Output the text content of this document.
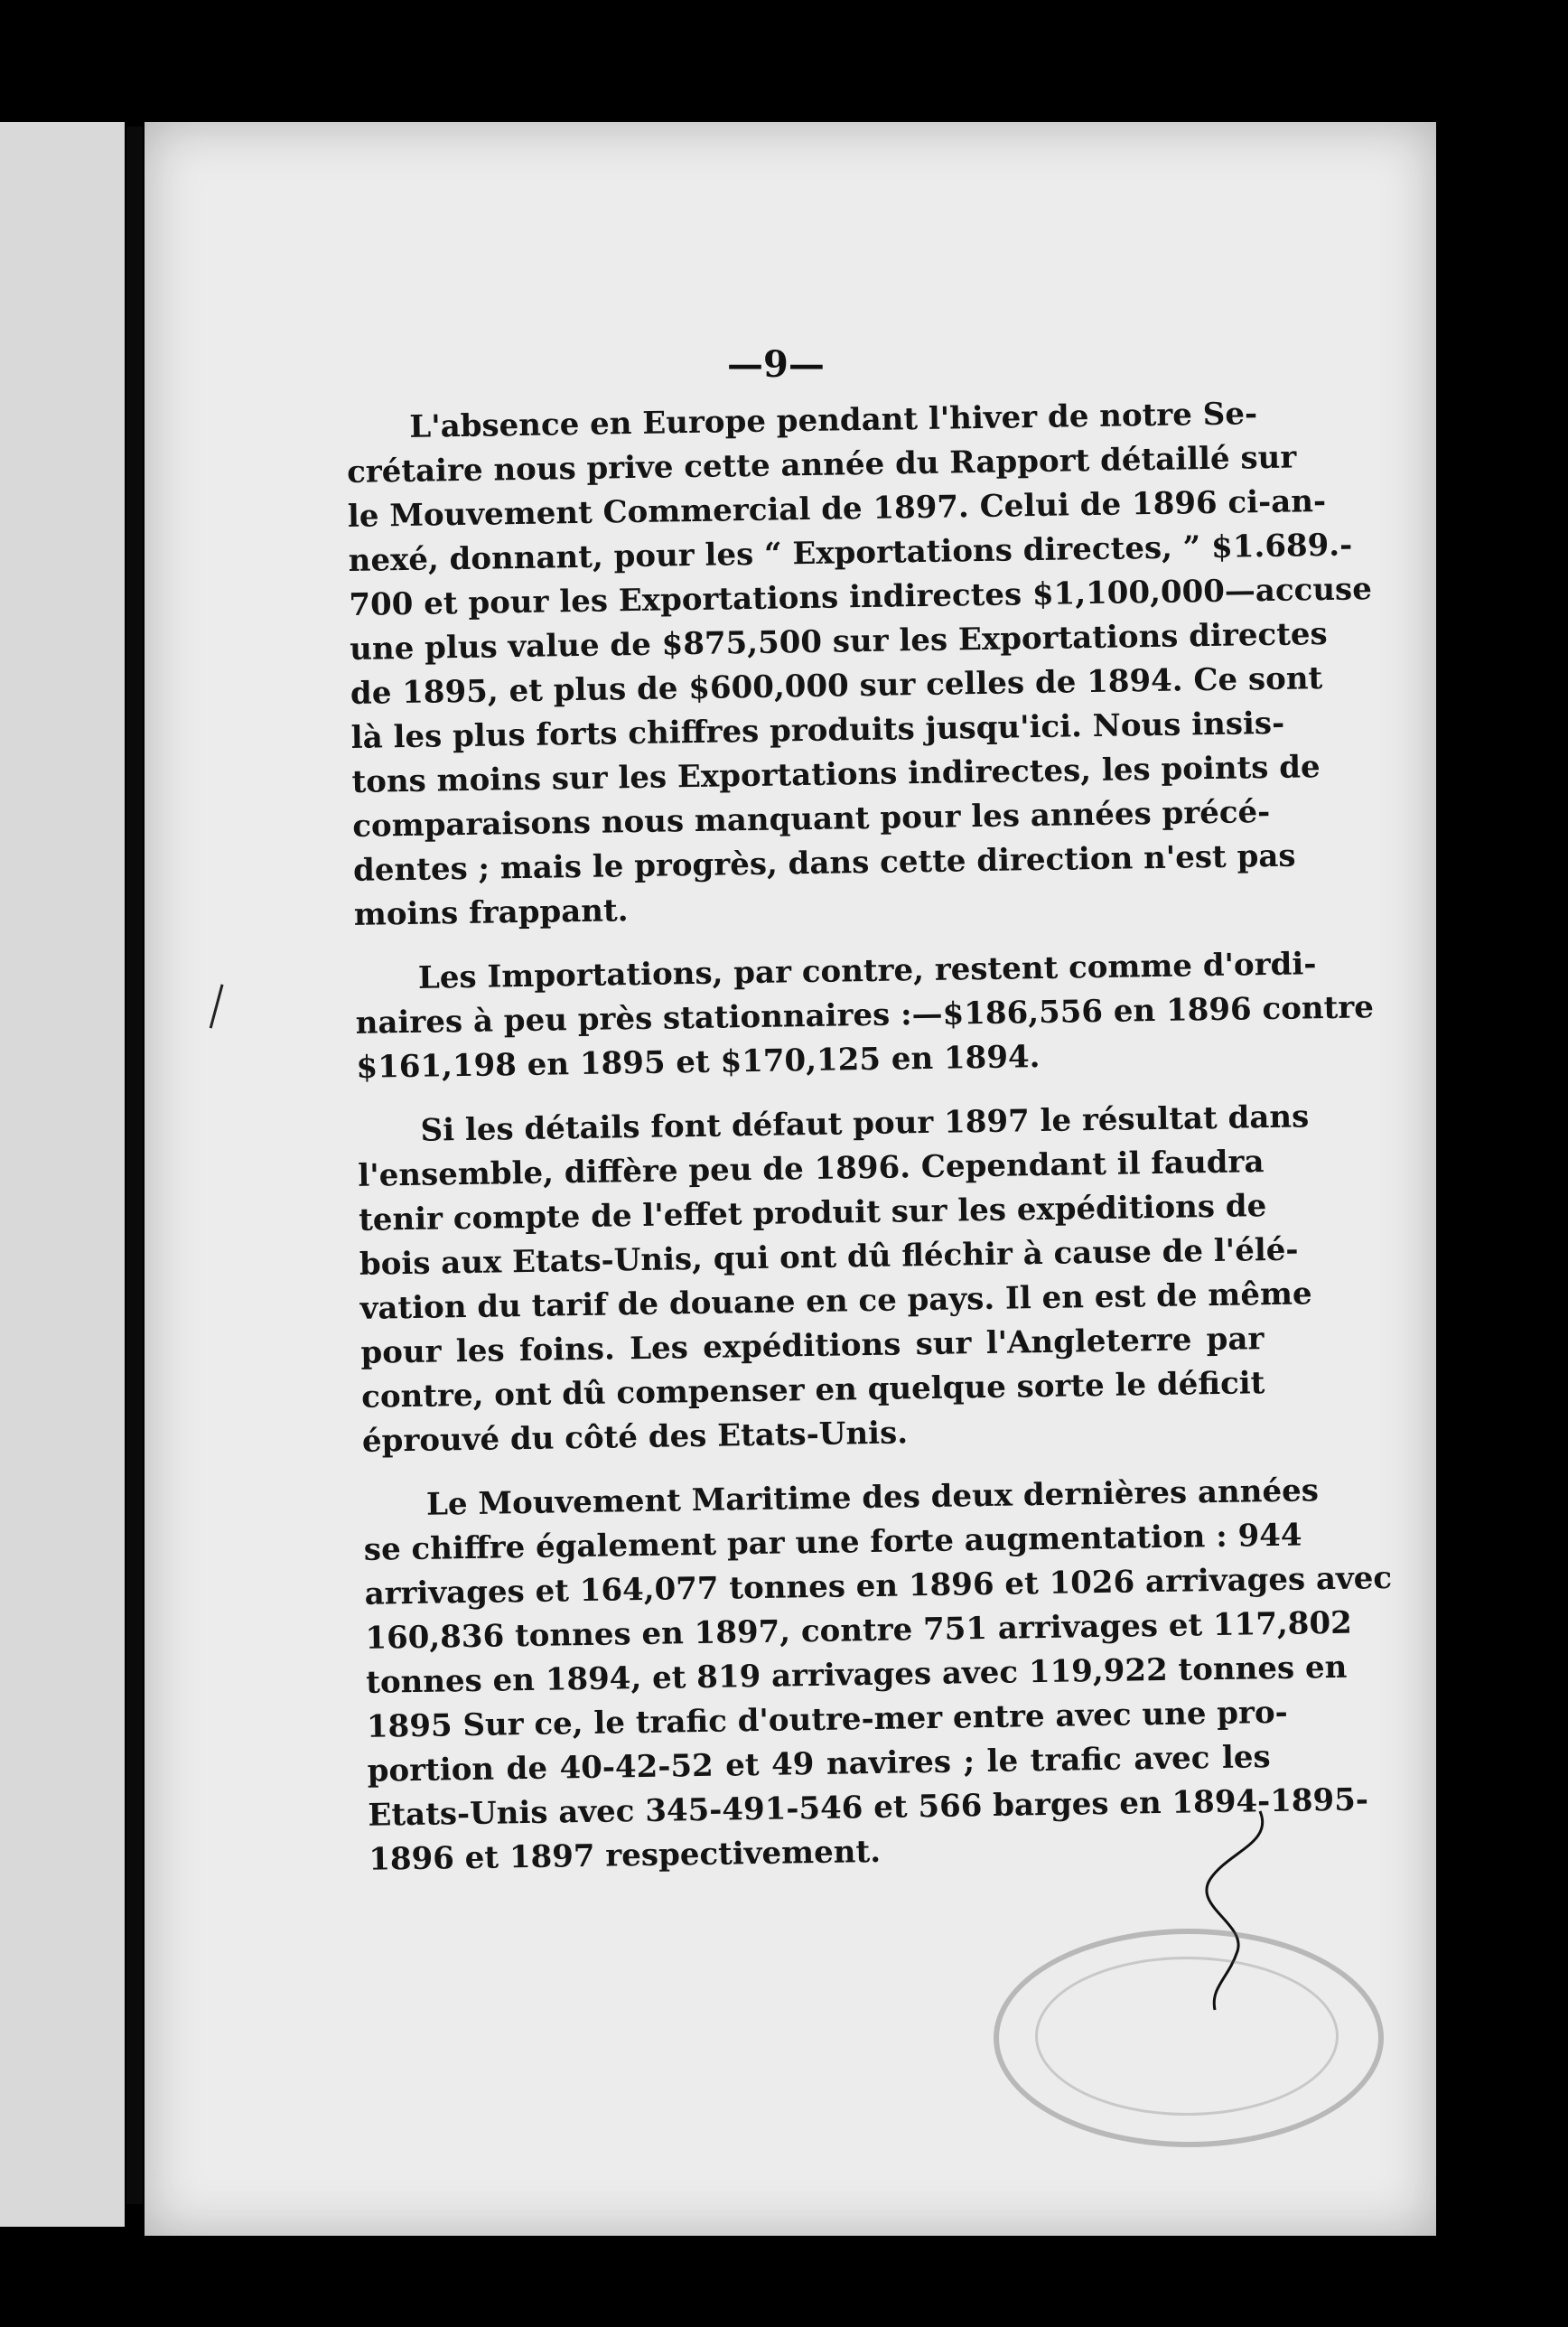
—9—
L'absence en Europe pendant l'hiver de notre Se-
crétaire nous prive cette année du Rapport détaillé sur
le Mouvement Commercial de 1897. Celui de 1896 ci-an-
nexé, donnant, pour les “ Exportations directes, ” $1.689.-
700 et pour les Exportations indirectes $1,100,000—accuse
une plus value de $875,500 sur les Exportations directes
de 1895, et plus de $600,000 sur celles de 1894. Ce sont
là les plus forts chiffres produits jusqu'ici. Nous insis-
tons moins sur les Exportations indirectes, les points de
comparaisons nous manquant pour les années précé-
dentes ; mais le progrès, dans cette direction n'est pas
moins frappant.
Les Importations, par contre, restent comme d'ordi-
naires à peu près stationnaires :—$186,556 en 1896 contre
$161,198 en 1895 et $170,125 en 1894.
Si les détails font défaut pour 1897 le résultat dans
l'ensemble, diffère peu de 1896. Cependant il faudra
tenir compte de l'effet produit sur les expéditions de
bois aux Etats-Unis, qui ont dû fléchir à cause de l'élé-
vation du tarif de douane en ce pays. Il en est de même
pour les foins. Les expéditions sur l'Angleterre par
contre, ont dû compenser en quelque sorte le déficit
éprouvé du côté des Etats-Unis.
Le Mouvement Maritime des deux dernières années
se chiffre également par une forte augmentation : 944
arrivages et 164,077 tonnes en 1896 et 1026 arrivages avec
160,836 tonnes en 1897, contre 751 arrivages et 117,802
tonnes en 1894, et 819 arrivages avec 119,922 tonnes en
1895 Sur ce, le trafic d'outre-mer entre avec une pro-
portion de 40-42-52 et 49 navires ; le trafic avec les
Etats-Unis avec 345-491-546 et 566 barges en 1894-1895-
1896 et 1897 respectivement.
